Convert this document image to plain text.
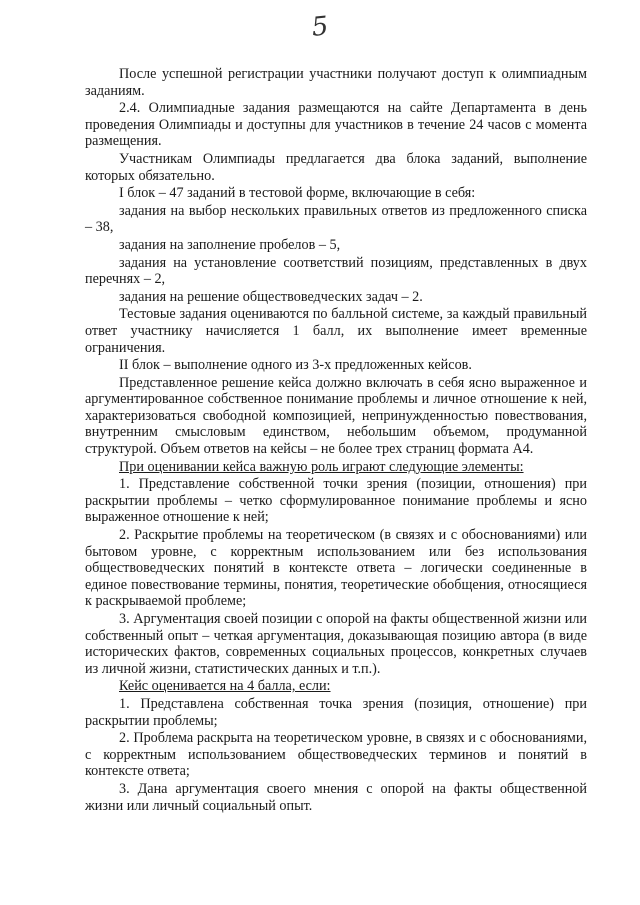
5

После успешной регистрации участники получают доступ к олимпиадным заданиям.

2.4. Олимпиадные задания размещаются на сайте Департамента в день проведения Олимпиады и доступны для участников в течение 24 часов с момента размещения.

Участникам Олимпиады предлагается два блока заданий, выполнение которых обязательно.

I блок – 47 заданий в тестовой форме, включающие в себя:

задания на выбор нескольких правильных ответов из предложенного списка – 38,

задания на заполнение пробелов – 5,

задания на установление соответствий позициям, представленных в двух перечнях – 2,

задания на решение обществоведческих задач – 2.

Тестовые задания оцениваются по балльной системе, за каждый правильный ответ участнику начисляется 1 балл, их выполнение имеет временные ограничения.

II блок – выполнение одного из 3-х предложенных кейсов.

Представленное решение кейса должно включать в себя ясно выраженное и аргументированное собственное понимание проблемы и личное отношение к ней, характеризоваться свободной композицией, непринужденностью повествования, внутренним смысловым единством, небольшим объемом, продуманной структурой. Объем ответов на кейсы – не более трех страниц формата А4.

При оценивании кейса важную роль играют следующие элементы:

1. Представление собственной точки зрения (позиции, отношения) при раскрытии проблемы – четко сформулированное понимание проблемы и ясно выраженное отношение к ней;

2. Раскрытие проблемы на теоретическом (в связях и с обоснованиями) или бытовом уровне, с корректным использованием или без использования обществоведческих понятий в контексте ответа – логически соединенные в единое повествование термины, понятия, теоретические обобщения, относящиеся к раскрываемой проблеме;

3. Аргументация своей позиции с опорой на факты общественной жизни или собственный опыт – четкая аргументация, доказывающая позицию автора (в виде исторических фактов, современных социальных процессов, конкретных случаев из личной жизни, статистических данных и т.п.).

Кейс оценивается на 4 балла, если:

1. Представлена собственная точка зрения (позиция, отношение) при раскрытии проблемы;

2. Проблема раскрыта на теоретическом уровне, в связях и с обоснованиями, с корректным использованием обществоведческих терминов и понятий в контексте ответа;

3. Дана аргументация своего мнения с опорой на факты общественной жизни или личный социальный опыт.
